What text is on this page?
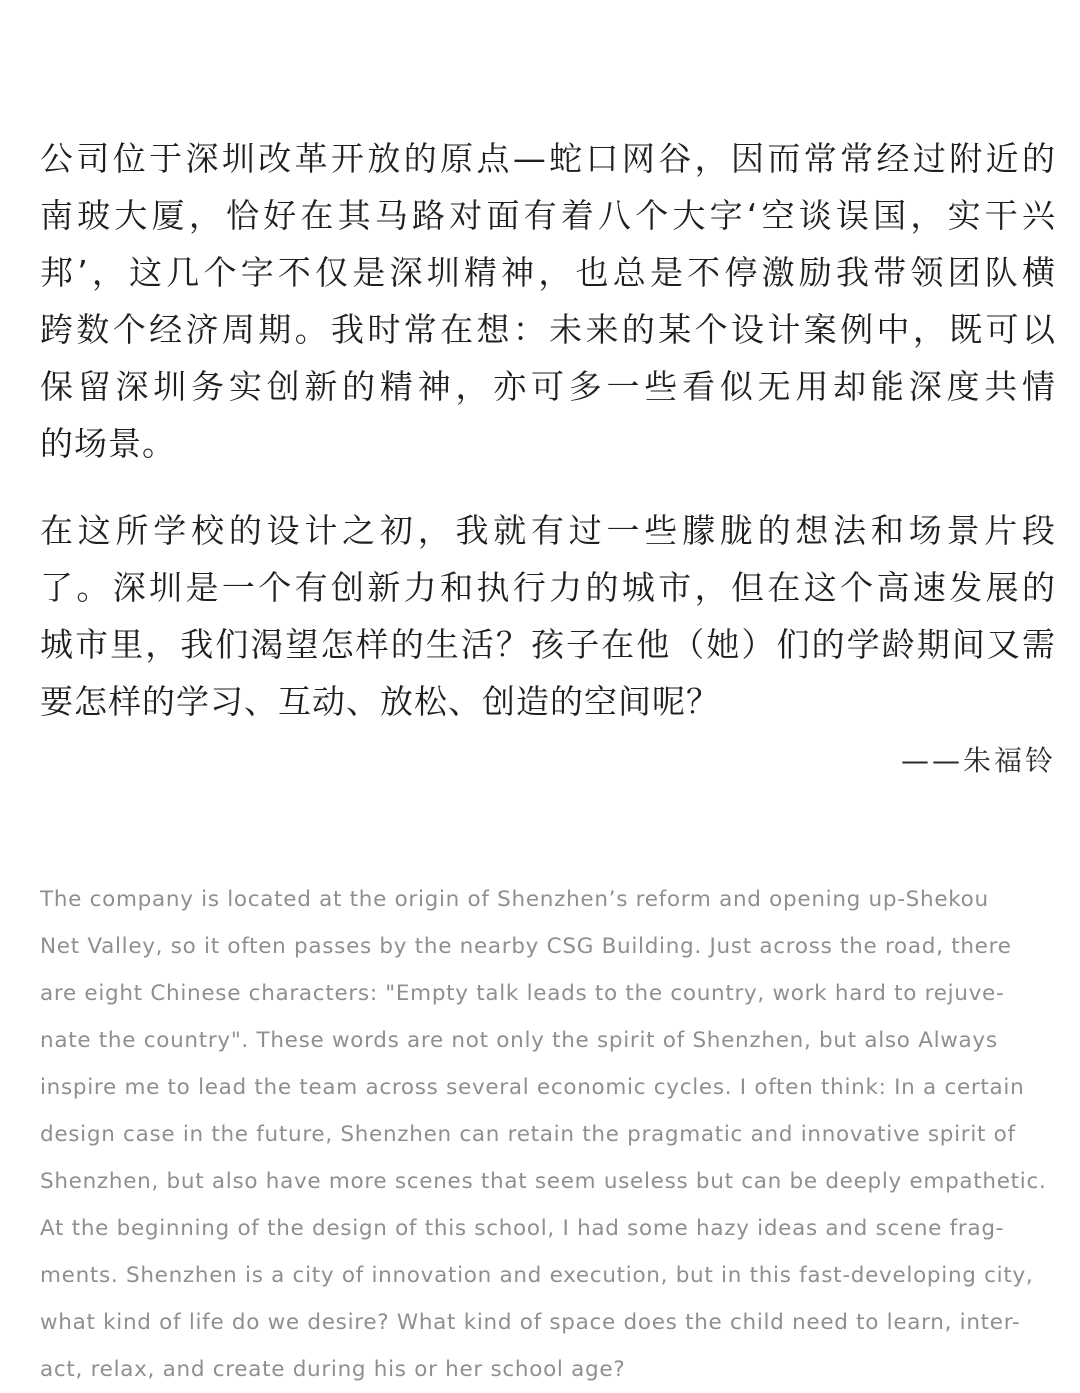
公司位于深圳改革开放的原点—蛇口网谷，因而常常经过附近的
南玻大厦，恰好在其马路对面有着八个大字‘空谈误国，实干兴
邦’，这几个字不仅是深圳精神，也总是不停激励我带领团队横
跨数个经济周期。我时常在想：未来的某个设计案例中，既可以
保留深圳务实创新的精神，亦可多一些看似无用却能深度共情
的场景。
在这所学校的设计之初，我就有过一些朦胧的想法和场景片段
了。深圳是一个有创新力和执行力的城市，但在这个高速发展的
城市里，我们渴望怎样的生活？孩子在他（她）们的学龄期间又需
要怎样的学习、互动、放松、创造的空间呢？
——朱福铃
The company is located at the origin of Shenzhen’s reform and opening up-Shekou
Net Valley, so it often passes by the nearby CSG Building. Just across the road, there
are eight Chinese characters: "Empty talk leads to the country, work hard to rejuve-
nate the country". These words are not only the spirit of Shenzhen, but also Always
inspire me to lead the team across several economic cycles. I often think: In a certain
design case in the future, Shenzhen can retain the pragmatic and innovative spirit of
Shenzhen, but also have more scenes that seem useless but can be deeply empathetic.
At the beginning of the design of this school, I had some hazy ideas and scene frag-
ments. Shenzhen is a city of innovation and execution, but in this fast-developing city,
what kind of life do we desire? What kind of space does the child need to learn, inter-
act, relax, and create during his or her school age?
